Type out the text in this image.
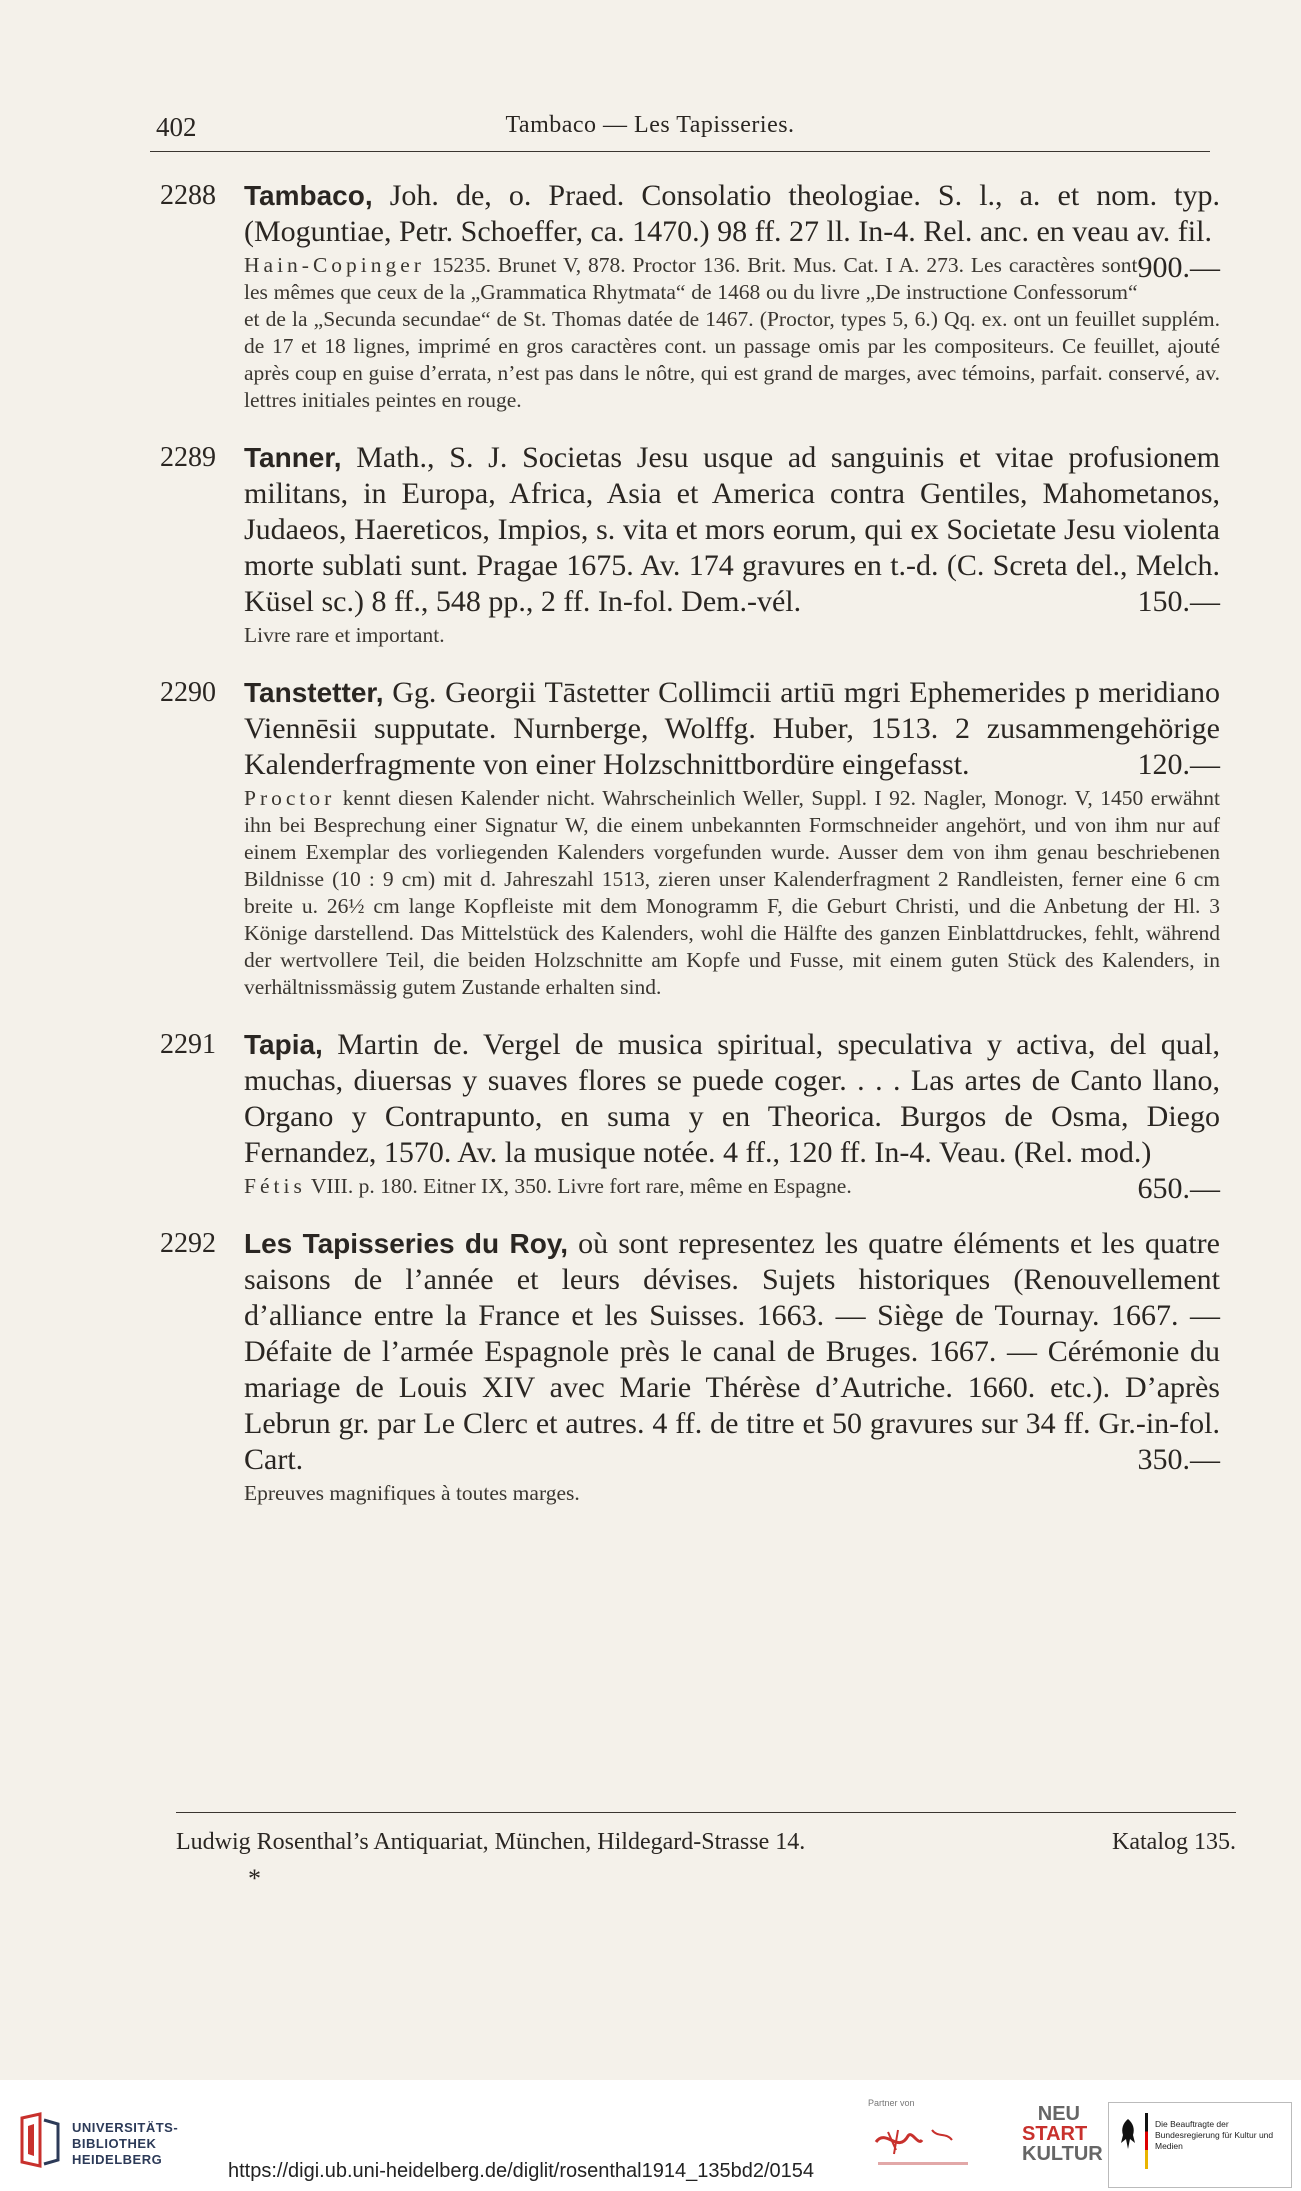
402	Tambaco — Les Tapisseries.
2288 Tambaco, Joh. de, o. Praed. Consolatio theologiae. S. l., a. et nom. typ. (Moguntiae, Petr. Schoeffer, ca. 1470.) 98 ff. 27 ll. In-4. Rel. anc. en veau av. fil.
900.—
Hain-Copinger 15235. Brunet V, 878. Proctor 136. Brit. Mus. Cat. I A. 273. Les caractères sont les mêmes que ceux de la „Grammatica Rhytmata“ de 1468 ou du livre „De instructione Confessorum“ et de la „Secunda secundae“ de St. Thomas datée de 1467. (Proctor, types 5, 6.) Qq. ex. ont un feuillet supplém. de 17 et 18 lignes, imprimé en gros caractères cont. un passage omis par les compositeurs. Ce feuillet, ajouté après coup en guise d’errata, n’est pas dans le nôtre, qui est grand de marges, avec témoins, parfait. conservé, av. lettres initiales peintes en rouge.
2289 Tanner, Math., S. J. Societas Jesu usque ad sanguinis et vitae profusionem militans, in Europa, Africa, Asia et America contra Gentiles, Mahometanos, Judaeos, Haereticos, Impios, s. vita et mors eorum, qui ex Societate Jesu violenta morte sublati sunt. Pragae 1675. Av. 174 gravures en t.-d. (C. Screta del., Melch. Küsel sc.) 8 ff., 548 pp., 2 ff. In-fol. Dem.-vél.	150.—
Livre rare et important.
2290 Tanstetter, Gg. Georgii Tāstetter Collimcii artiū mgri Ephemerides p meridiano Viennēsii supputate. Nurnberge, Wolffg. Huber, 1513. 2 zusammengehörige Kalenderfragmente von einer Holzschnittbordüre eingefasst.	120.—
Proctor kennt diesen Kalender nicht. Wahrscheinlich Weller, Suppl. I 92. Nagler, Monogr. V, 1450 erwähnt ihn bei Besprechung einer Signatur W, die einem unbekannten Formschneider angehört, und von ihm nur auf einem Exemplar des vorliegenden Kalenders vorgefunden wurde. Ausser dem von ihm genau beschriebenen Bildnisse (10 : 9 cm) mit d. Jahreszahl 1513, zieren unser Kalenderfragment 2 Randleisten, ferner eine 6 cm breite u. 26½ cm lange Kopfleiste mit dem Monogramm F, die Geburt Christi, und die Anbetung der Hl. 3 Könige darstellend. Das Mittelstück des Kalenders, wohl die Hälfte des ganzen Einblattdruckes, fehlt, während der wertvollere Teil, die beiden Holzschnitte am Kopfe und Fusse, mit einem guten Stück des Kalenders, in verhältnissmässig gutem Zustande erhalten sind.
2291 Tapia, Martin de. Vergel de musica spiritual, speculativa y activa, del qual, muchas, diuersas y suaves flores se puede coger. . . . Las artes de Canto llano, Organo y Contrapunto, en suma y en Theorica. Burgos de Osma, Diego Fernandez, 1570. Av. la musique notée. 4 ff., 120 ff. In-4. Veau. (Rel. mod.)
650.—
Fétis VIII. p. 180. Eitner IX, 350. Livre fort rare, même en Espagne.
2292 Les Tapisseries du Roy, où sont representez les quatre éléments et les quatre saisons de l’année et leurs dévises. Sujets historiques (Renouvellement d’alliance entre la France et les Suisses. 1663. — Siège de Tournay. 1667. — Défaite de l’armée Espagnole près le canal de Bruges. 1667. — Cérémonie du mariage de Louis XIV avec Marie Thérèse d’Autriche. 1660. etc.). D’après Lebrun gr. par Le Clerc et autres. 4 ff. de titre et 50 gravures sur 34 ff. Gr.-in-fol. Cart.	350.—
Epreuves magnifiques à toutes marges.
Ludwig Rosenthal’s Antiquariat, München, Hildegard-Strasse 14.	Katalog 135.
*
UNIVERSITÄTS-
BIBLIOTHEK
HEIDELBERG
Partner von	NEU
START
KULTUR
Die Beauftragte der Bundesregierung für Kultur und Medien
https://digi.ub.uni-heidelberg.de/diglit/rosenthal1914_135bd2/0154
